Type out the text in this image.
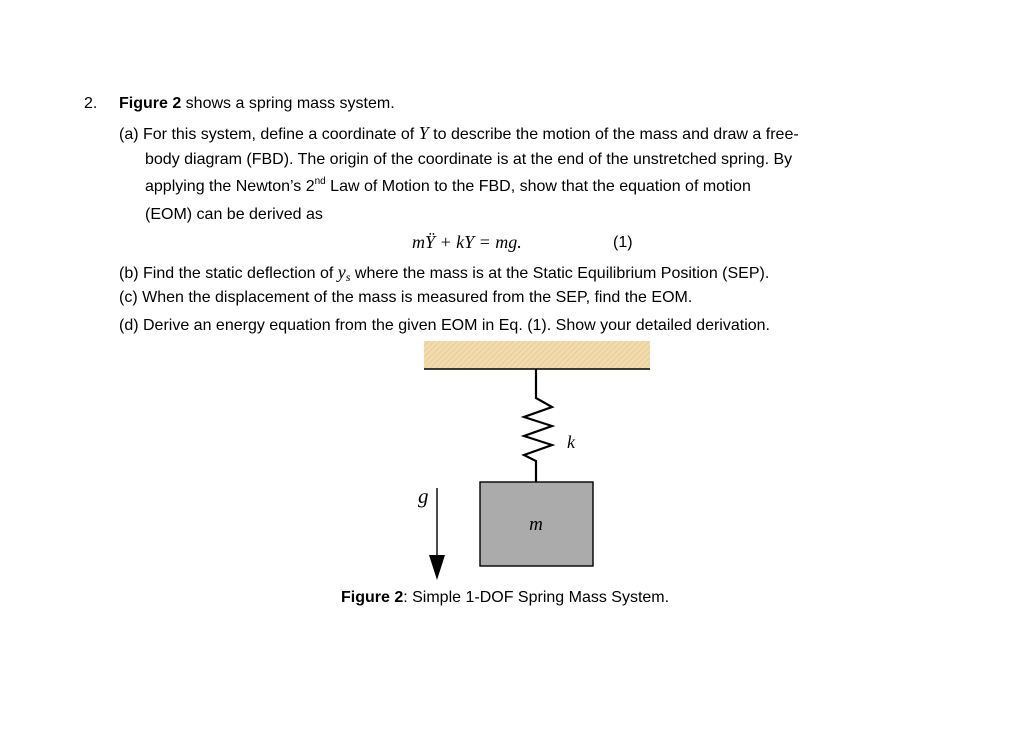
2. Figure 2 shows a spring mass system.
(a) For this system, define a coordinate of Y to describe the motion of the mass and draw a free-
body diagram (FBD). The origin of the coordinate is at the end of the unstretched spring. By
applying the Newton’s 2nd Law of Motion to the FBD, show that the equation of motion
(EOM) can be derived as
mŸ + kY = mg.	(1)
(b) Find the static deflection of $y_s$ where the mass is at the Static Equilibrium Position (SEP).
(c) When the displacement of the mass is measured from the SEP, find the EOM.
(d) Derive an energy equation from the given EOM in Eq. (1). Show your detailed derivation.
k
m
g
Figure 2: Simple 1-DOF Spring Mass System.
